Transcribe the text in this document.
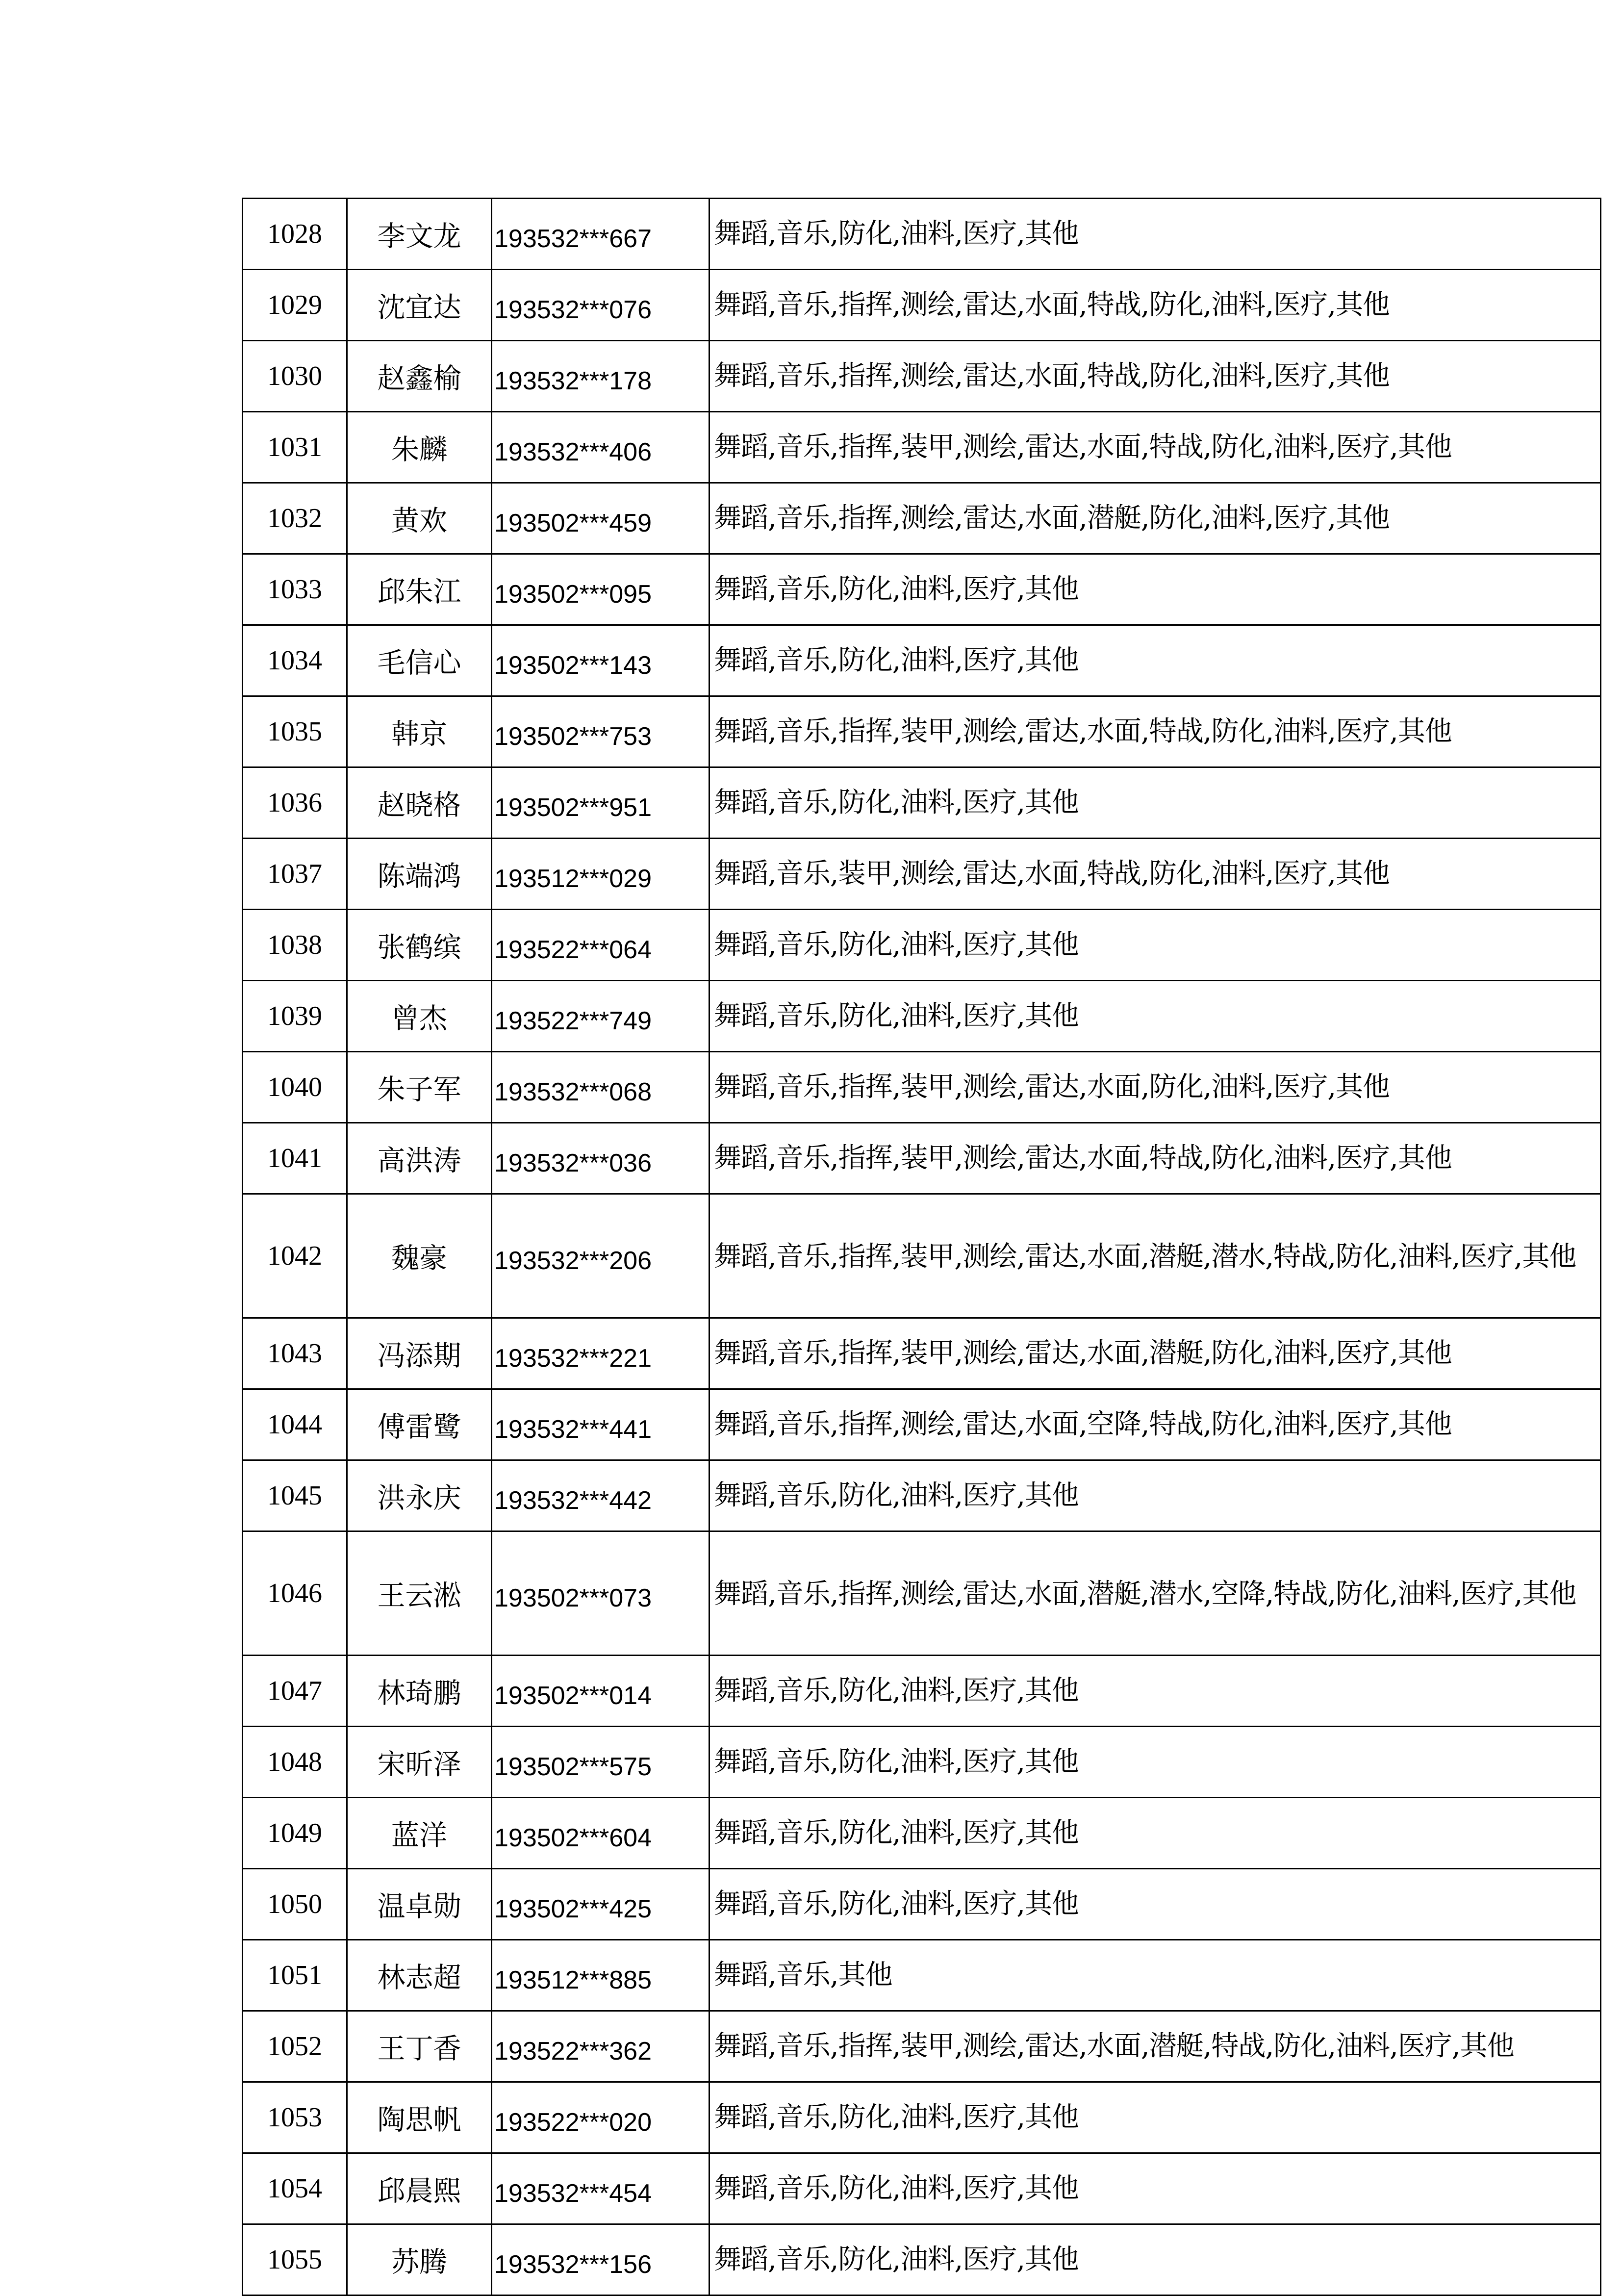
1028	李文龙	193532***667	舞蹈,音乐,防化,油料,医疗,其他
1029	沈宜达	193532***076	舞蹈,音乐,指挥,测绘,雷达,水面,特战,防化,油料,医疗,其他
1030	赵鑫榆	193532***178	舞蹈,音乐,指挥,测绘,雷达,水面,特战,防化,油料,医疗,其他
1031	朱麟	193532***406	舞蹈,音乐,指挥,装甲,测绘,雷达,水面,特战,防化,油料,医疗,其他
1032	黄欢	193502***459	舞蹈,音乐,指挥,测绘,雷达,水面,潜艇,防化,油料,医疗,其他
1033	邱朱江	193502***095	舞蹈,音乐,防化,油料,医疗,其他
1034	毛信心	193502***143	舞蹈,音乐,防化,油料,医疗,其他
1035	韩京	193502***753	舞蹈,音乐,指挥,装甲,测绘,雷达,水面,特战,防化,油料,医疗,其他
1036	赵晓格	193502***951	舞蹈,音乐,防化,油料,医疗,其他
1037	陈端鸿	193512***029	舞蹈,音乐,装甲,测绘,雷达,水面,特战,防化,油料,医疗,其他
1038	张鹤缤	193522***064	舞蹈,音乐,防化,油料,医疗,其他
1039	曾杰	193522***749	舞蹈,音乐,防化,油料,医疗,其他
1040	朱子军	193532***068	舞蹈,音乐,指挥,装甲,测绘,雷达,水面,防化,油料,医疗,其他
1041	高洪涛	193532***036	舞蹈,音乐,指挥,装甲,测绘,雷达,水面,特战,防化,油料,医疗,其他
1042	魏豪	193532***206	舞蹈,音乐,指挥,装甲,测绘,雷达,水面,潜艇,潜水,特战,防化,油料,医疗,其他
1043	冯添期	193532***221	舞蹈,音乐,指挥,装甲,测绘,雷达,水面,潜艇,防化,油料,医疗,其他
1044	傅雷鹭	193532***441	舞蹈,音乐,指挥,测绘,雷达,水面,空降,特战,防化,油料,医疗,其他
1045	洪永庆	193532***442	舞蹈,音乐,防化,油料,医疗,其他
1046	王云淞	193502***073	舞蹈,音乐,指挥,测绘,雷达,水面,潜艇,潜水,空降,特战,防化,油料,医疗,其他
1047	林琦鹏	193502***014	舞蹈,音乐,防化,油料,医疗,其他
1048	宋昕泽	193502***575	舞蹈,音乐,防化,油料,医疗,其他
1049	蓝洋	193502***604	舞蹈,音乐,防化,油料,医疗,其他
1050	温卓勋	193502***425	舞蹈,音乐,防化,油料,医疗,其他
1051	林志超	193512***885	舞蹈,音乐,其他
1052	王丁香	193522***362	舞蹈,音乐,指挥,装甲,测绘,雷达,水面,潜艇,特战,防化,油料,医疗,其他
1053	陶思帆	193522***020	舞蹈,音乐,防化,油料,医疗,其他
1054	邱晨熙	193532***454	舞蹈,音乐,防化,油料,医疗,其他
1055	苏腾	193532***156	舞蹈,音乐,防化,油料,医疗,其他
